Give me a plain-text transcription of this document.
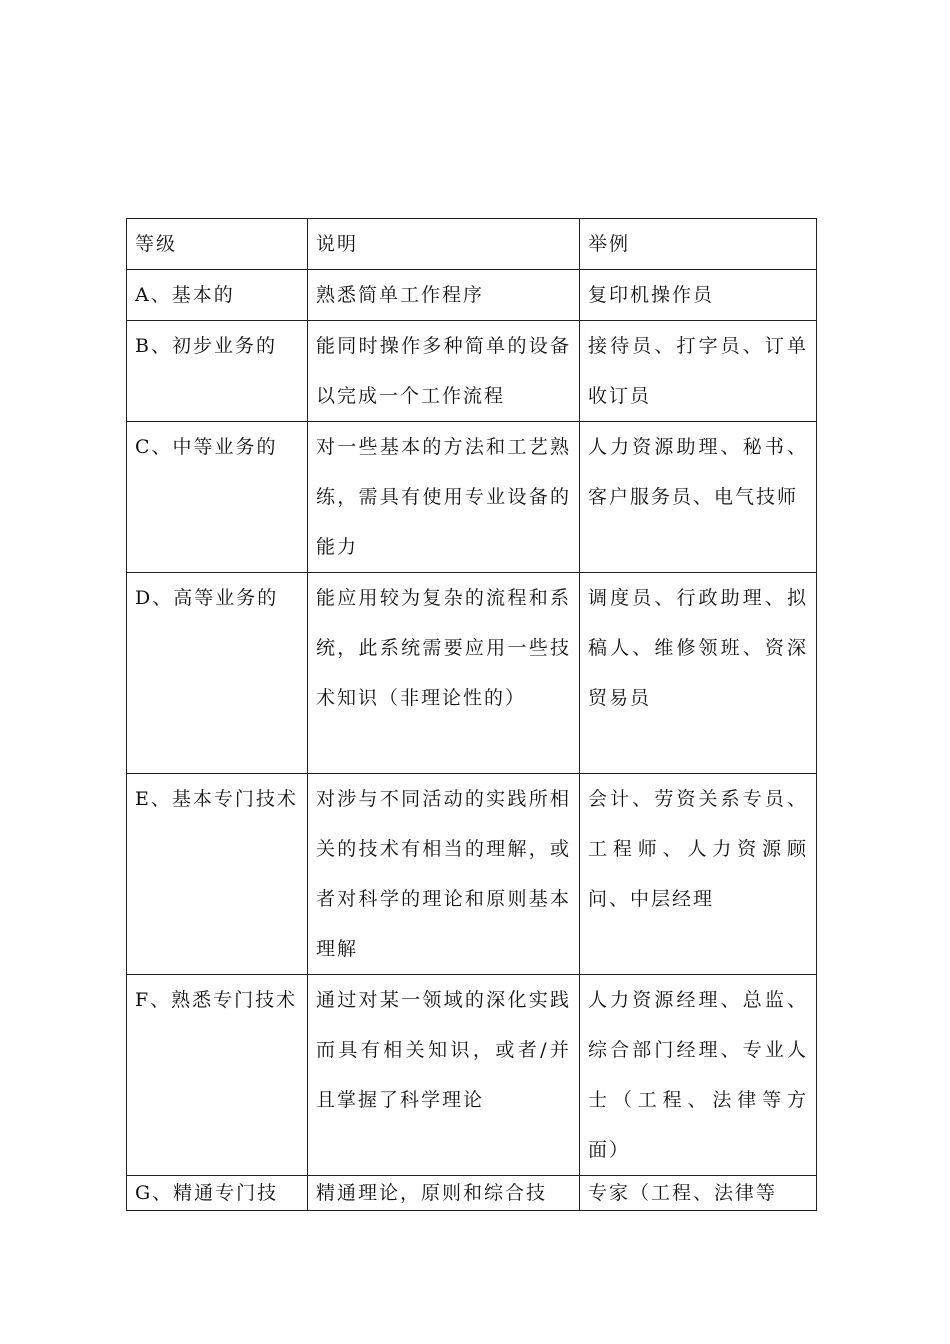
等级	说明	举例

A、基本的	熟悉简单工作程序	复印机操作员

B、初步业务的	能同时操作多种简单的设备以完成一个工作流程	接待员、打字员、订单收订员

C、中等业务的	对一些基本的方法和工艺熟练，需具有使用专业设备的能力	人力资源助理、秘书、客户服务员、电气技师

D、高等业务的	能应用较为复杂的流程和系统，此系统需要应用一些技术知识（非理论性的）	调度员、行政助理、拟稿人、维修领班、资深贸易员

E、基本专门技术	对涉与不同活动的实践所相关的技术有相当的理解，或者对科学的理论和原则基本理解	会计、劳资关系专员、工程师、人力资源顾问、中层经理

F、熟悉专门技术	通过对某一领域的深化实践而具有相关知识，或者/并且掌握了科学理论	人力资源经理、总监、综合部门经理、专业人士（工程、法律等方面）

G、精通专门技	精通理论，原则和综合技	专家（工程、法律等
